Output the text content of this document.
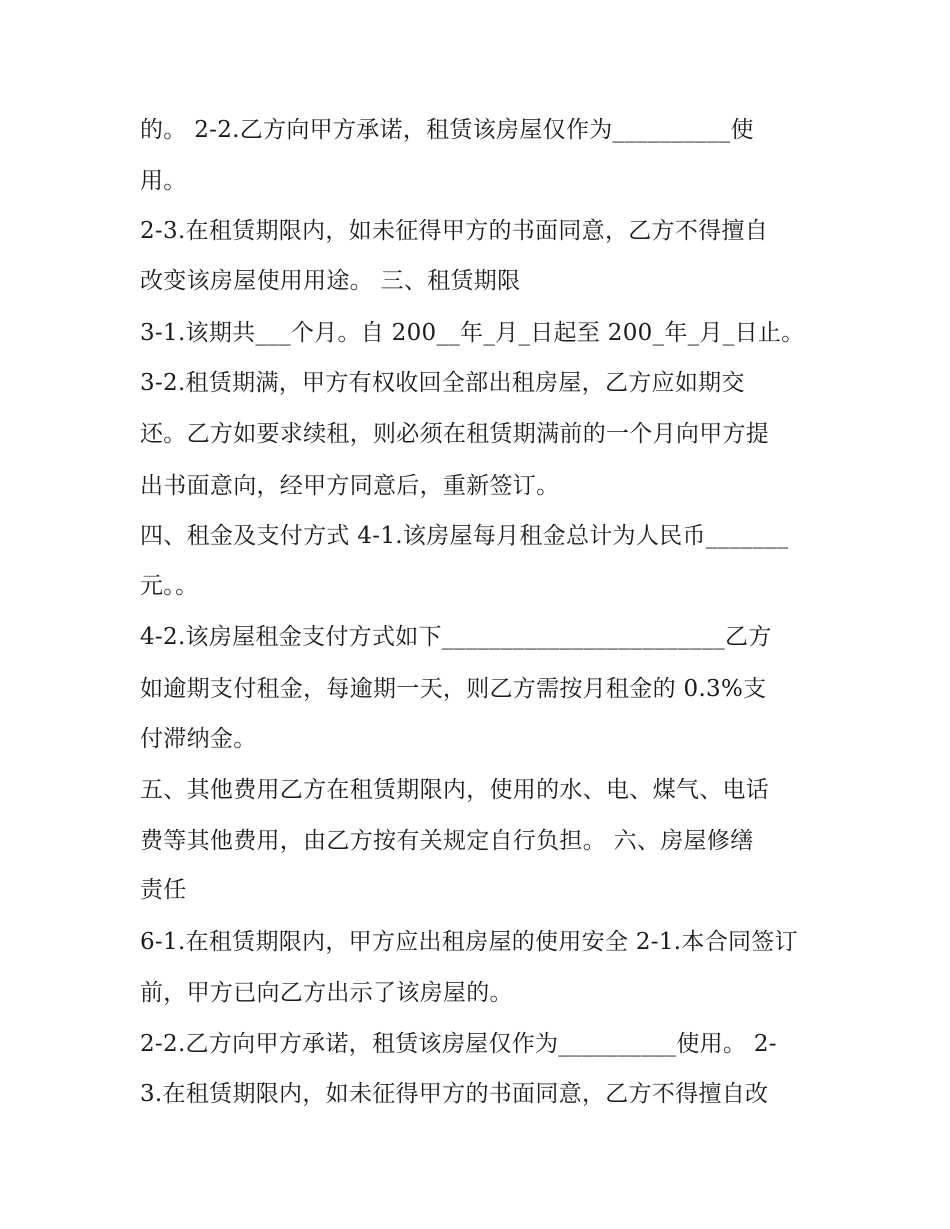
的。 2-2.乙方向甲方承诺，租赁该房屋仅作为__________使
用。
2-3.在租赁期限内，如未征得甲方的书面同意，乙方不得擅自
改变该房屋使用用途。 三、租赁期限
3-1.该期共___个月。自 200__年_月_日起至 200_年_月_日止。
3-2.租赁期满，甲方有权收回全部出租房屋，乙方应如期交
还。乙方如要求续租，则必须在租赁期满前的一个月向甲方提
出书面意向，经甲方同意后，重新签订。
四、租金及支付方式 4-1.该房屋每月租金总计为人民币_______
元。。
4-2.该房屋租金支付方式如下________________________乙方
如逾期支付租金，每逾期一天，则乙方需按月租金的 0.3%支
付滞纳金。
五、其他费用乙方在租赁期限内，使用的水、电、煤气、电话
费等其他费用，由乙方按有关规定自行负担。 六、房屋修缮
责任
6-1.在租赁期限内，甲方应出租房屋的使用安全 2-1.本合同签订
前，甲方已向乙方出示了该房屋的。
2-2.乙方向甲方承诺，租赁该房屋仅作为__________使用。 2-
3.在租赁期限内，如未征得甲方的书面同意，乙方不得擅自改
